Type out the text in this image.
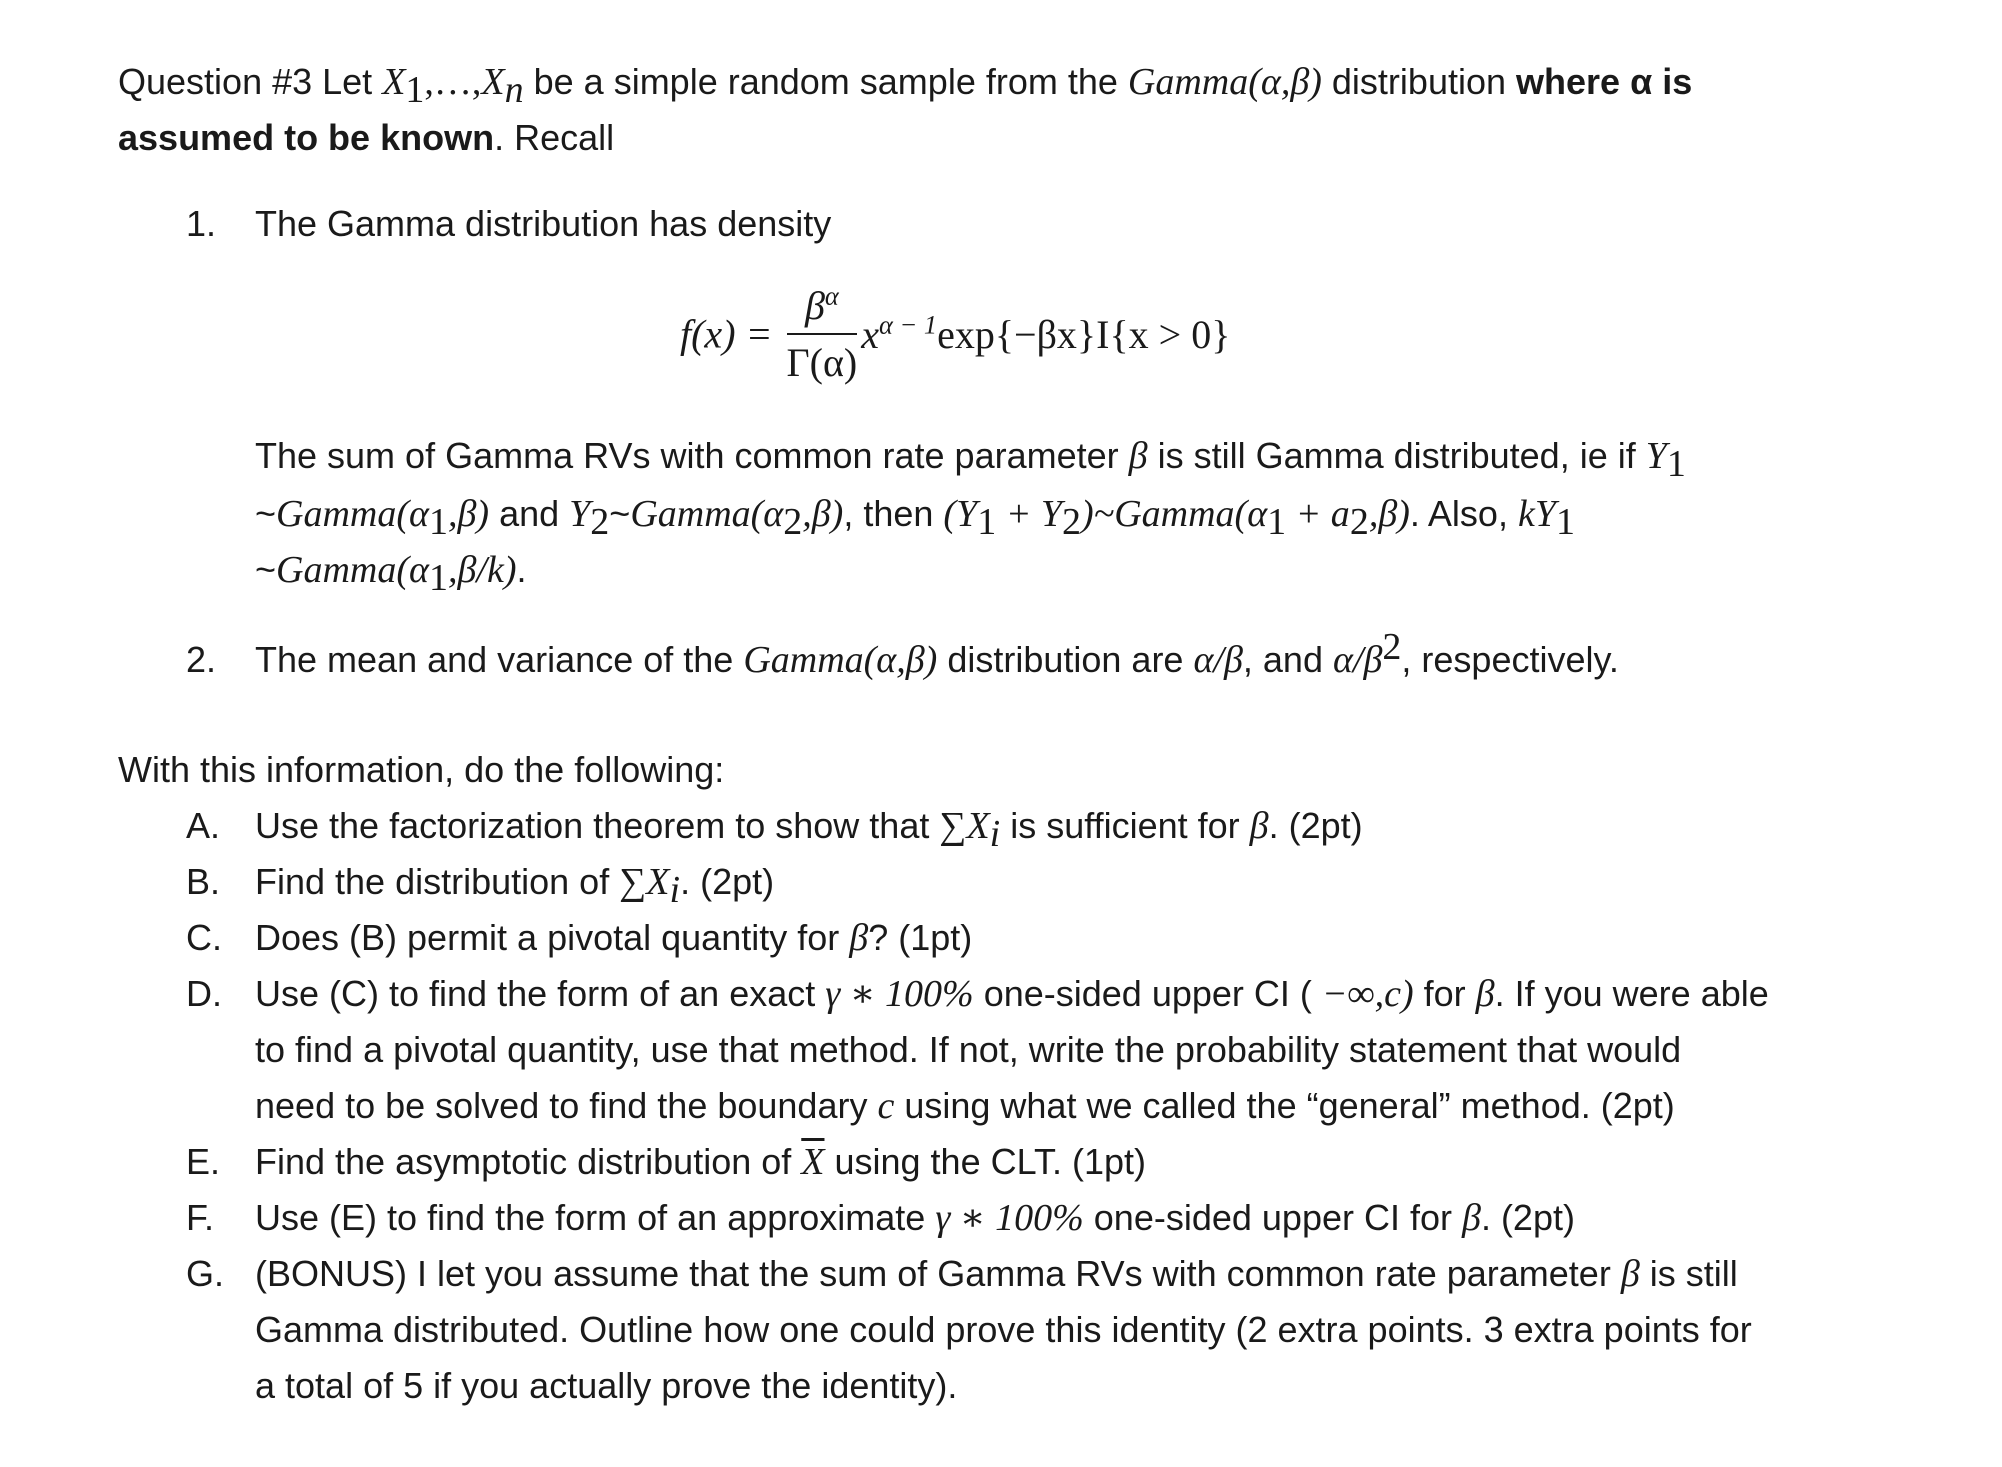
Question #3 Let $X_1,\dots,X_n$ be a simple random sample from the Gamma(α,β) distribution where α is
assumed to be known. Recall
1. The Gamma distribution has density
$f(x) = \frac{\beta^\alpha}{\Gamma(\alpha)} x^{\alpha - 1}\exp\{-\beta x\}I\{x > 0\}$
The sum of Gamma RVs with common rate parameter β is still Gamma distributed, ie if $Y_1$
$\sim Gamma(\alpha_1,\beta)$ and $Y_2\sim Gamma(\alpha_2,\beta)$, then ($Y_1$ + $Y_2)\sim Gamma(\alpha_1 + a_2,\beta)$. Also, $kY_1$
$\sim Gamma(\alpha_1,\beta/k)$.
2. The mean and variance of the Gamma(α,β) distribution are α/β, and $\alpha/\beta^2$, respectively.
With this information, do the following:
A. Use the factorization theorem to show that $\sum X_i$ is sufficient for β. (2pt)
B. Find the distribution of $\sum X_i$. (2pt)
C. Does (B) permit a pivotal quantity for β? (1pt)
D. Use (C) to find the form of an exact γ ∗ 100% one-sided upper CI ( −∞,c) for β. If you were able
to find a pivotal quantity, use that method. If not, write the probability statement that would
need to be solved to find the boundary c using what we called the “general” method. (2pt)
E. Find the asymptotic distribution of $\overline{X}$ using the CLT. (1pt)
F. Use (E) to find the form of an approximate γ ∗ 100% one-sided upper CI for β. (2pt)
G. (BONUS) I let you assume that the sum of Gamma RVs with common rate parameter β is still
Gamma distributed. Outline how one could prove this identity (2 extra points. 3 extra points for
a total of 5 if you actually prove the identity).
